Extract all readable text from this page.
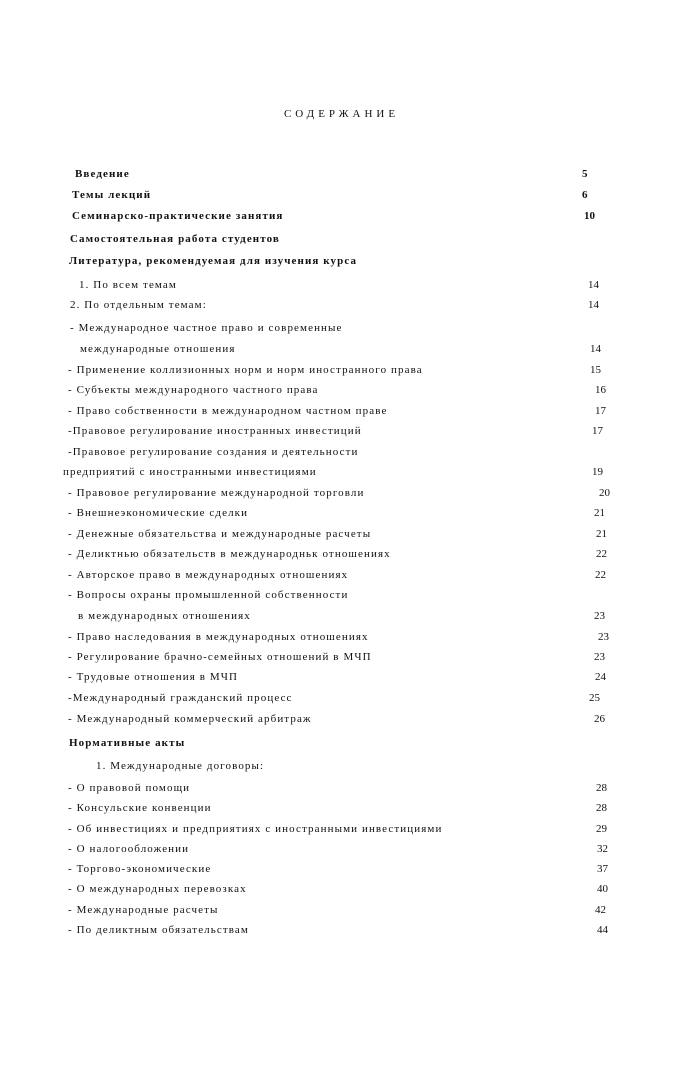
СОДЕРЖАНИЕ
Введение	5
Темы лекций	6
Семинарско-практические занятия	10
Самостоятельная работа студентов
Литература, рекомендуемая для изучения курса
1. По всем темам	14
2. По отдельным темам:	14
- Международное частное право и современные
международные отношения	14
- Применение коллизионных норм и норм иностранного права	15
- Субъекты международного частного права	16
- Право собственности в международном частном праве	17
-Правовое регулирование иностранных инвестиций	17
-Правовое регулирование создания и деятельности
предприятий с иностранными инвестициями	19
- Правовое регулирование международной торговли	20
- Внешнеэкономические сделки	21
- Денежные обязательства и международные расчеты	21
- Деликтнью обязательств в международньк отношениях	22
- Авторское право в международных отношениях	22
- Вопросы охраны промышленной собственности
в международных отношениях	23
- Право наследования в международных отношениях	23
- Регулирование брачно-семейных отношений в МЧП	23
- Трудовые отношения в МЧП	24
-Международный гражданский процесс	25
- Международный коммерческий арбитраж	26
Нормативные акты
1. Международные договоры:
- О правовой помощи	28
- Консульские конвенции	28
- Об инвестициях и предприятиях с иностранными инвестициями	29
- О налогообложении	32
- Торгово-экономические	37
- О международных перевозках	40
- Международные расчеты	42
- По деликтным обязательствам	44
